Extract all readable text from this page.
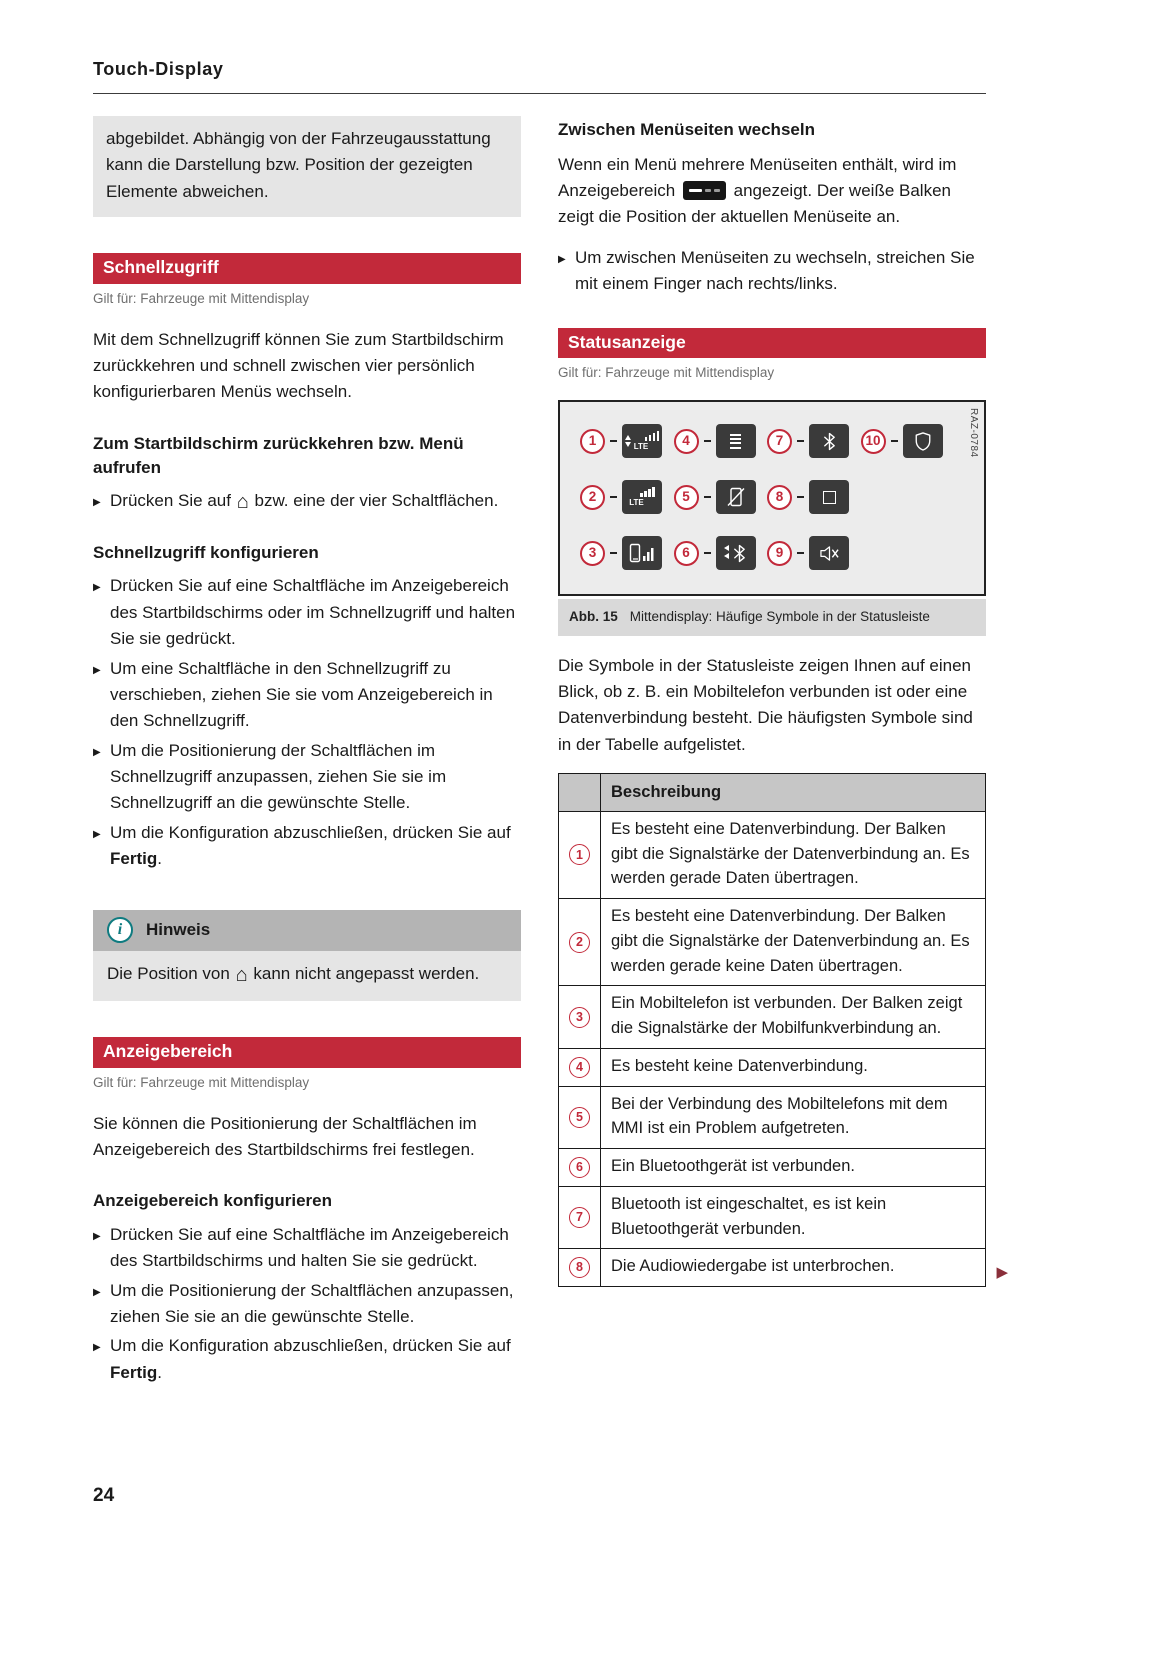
Touch-Display
abgebildet. Abhängig von der Fahrzeugausstattung kann die Darstellung bzw. Position der gezeigten Elemente abweichen.
Schnellzugriff
Gilt für: Fahrzeuge mit Mittendisplay

Mit dem Schnellzugriff können Sie zum Startbildschirm zurückkehren und schnell zwischen vier persönlich konfigurierbaren Menüs wechseln.

Zum Startbildschirm zurückkehren bzw. Menü aufrufen
▶ Drücken Sie auf ⌂ bzw. eine der vier Schaltflächen.
Schnellzugriff konfigurieren
▶ Drücken Sie auf eine Schaltfläche im Anzeigebereich des Startbildschirms oder im Schnellzugriff und halten Sie sie gedrückt.
▶ Um eine Schaltfläche in den Schnellzugriff zu verschieben, ziehen Sie sie vom Anzeigebereich in den Schnellzugriff.
▶ Um die Positionierung der Schaltflächen im Schnellzugriff anzupassen, ziehen Sie sie im Schnellzugriff an die gewünschte Stelle.
▶ Um die Konfiguration abzuschließen, drücken Sie auf Fertig.
i	Hinweis
Die Position von ⌂ kann nicht angepasst werden.
Anzeigebereich
Gilt für: Fahrzeuge mit Mittendisplay

Sie können die Positionierung der Schaltflächen im Anzeigebereich des Startbildschirms frei festlegen.

Anzeigebereich konfigurieren
▶ Drücken Sie auf eine Schaltfläche im Anzeigebereich des Startbildschirms und halten Sie sie gedrückt.
▶ Um die Positionierung der Schaltflächen anzupassen, ziehen Sie sie an die gewünschte Stelle.
▶ Um die Konfiguration abzuschließen, drücken Sie auf Fertig.
Zwischen Menüseiten wechseln

Wenn ein Menü mehrere Menüseiten enthält, wird im Anzeigebereich	angezeigt. Der weiße Balken zeigt die Position der aktuellen Menüseite an.

▶ Um zwischen Menüseiten zu wechseln, streichen Sie mit einem Finger nach rechts/links.
Statusanzeige
Gilt für: Fahrzeuge mit Mittendisplay
RAZ-0784
1	LTE	4	7	10
2	LTE	5	8
3	6	9
Abb. 15 Mittendisplay: Häufige Symbole in der Statusleiste

Die Symbole in der Statusleiste zeigen Ihnen auf einen Blick, ob z. B. ein Mobiltelefon verbunden ist oder eine Datenverbindung besteht. Die häufigsten Symbole sind in der Tabelle aufgelistet.

	Beschreibung
1	Es besteht eine Datenverbindung. Der Balken gibt die Signalstärke der Datenverbindung an. Es werden gerade Daten übertragen.
2	Es besteht eine Datenverbindung. Der Balken gibt die Signalstärke der Datenverbindung an. Es werden gerade keine Daten übertragen.
3	Ein Mobiltelefon ist verbunden. Der Balken zeigt die Signalstärke der Mobilfunkverbindung an.
4	Es besteht keine Datenverbindung.
5	Bei der Verbindung des Mobiltelefons mit dem MMI ist ein Problem aufgetreten.
6	Ein Bluetoothgerät ist verbunden.
7	Bluetooth ist eingeschaltet, es ist kein Bluetoothgerät verbunden.
8	Die Audiowiedergabe ist unterbrochen.	▶
24
